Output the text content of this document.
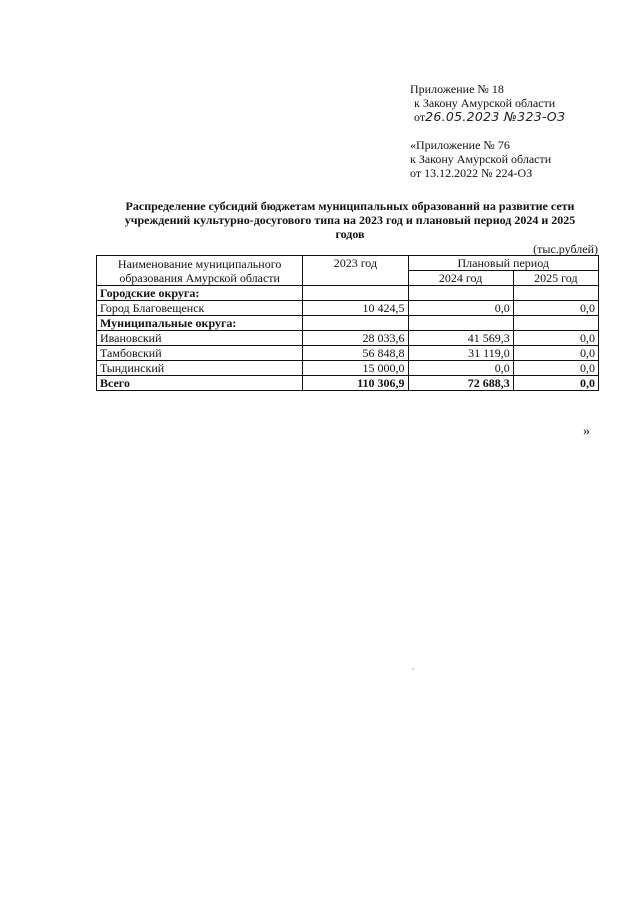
Приложение № 18
к Закону Амурской области
от26.05.2023 №323-ОЗ
«Приложение № 76
к Закону Амурской области
от 13.12.2022 № 224-ОЗ
Распределение субсидий бюджетам муниципальных образований на развитие сети
учреждений культурно-досугового типа на 2023 год и плановый период 2024 и 2025
годов
(тыс.рублей)
Наименование муниципального
образования Амурской области	2023 год	Плановый период	
		2024 год	2025 год
Городские округа:			
Город Благовещенск	10 424,5	0,0	0,0
Муниципальные округа:			
Ивановский	28 033,6	41 569,3	0,0
Тамбовский	56 848,8	31 119,0	0,0
Тындинский	15 000,0	0,0	0,0
Всего	110 306,9	72 688,3	0,0
»
